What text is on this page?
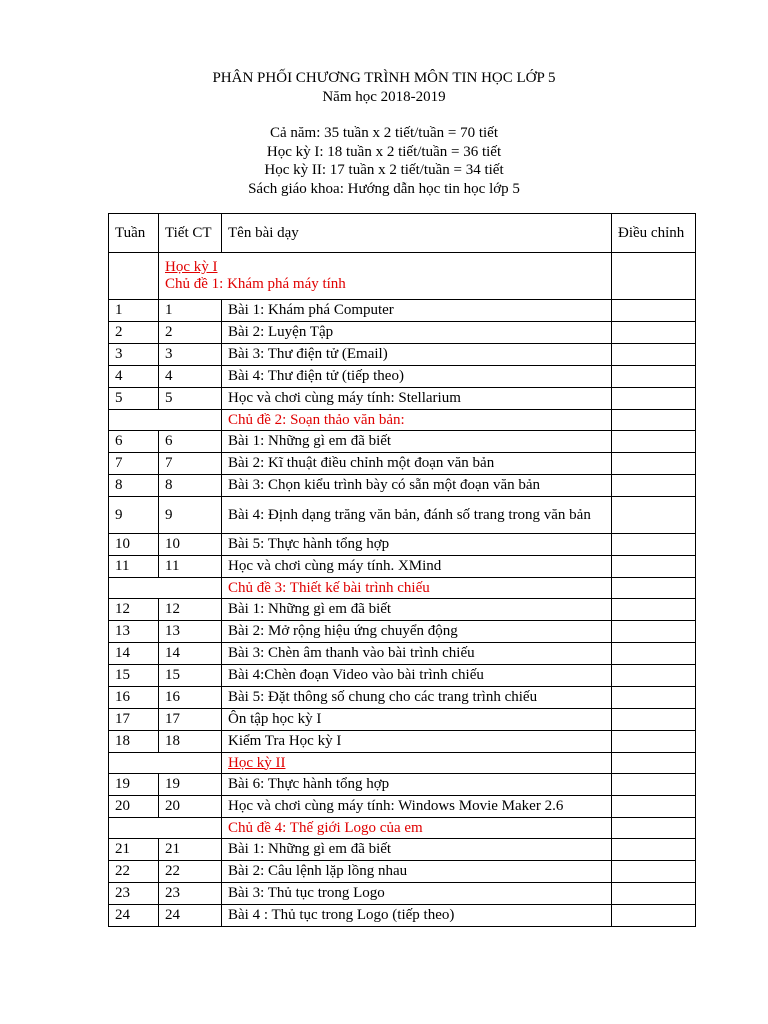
PHÂN PHỐI CHƯƠNG TRÌNH MÔN TIN HỌC LỚP 5
Năm học 2018-2019
Cả năm: 35 tuần x 2 tiết/tuần = 70 tiết
Học kỳ I: 18 tuần x 2 tiết/tuần = 36 tiết
Học kỳ II: 17 tuần x 2 tiết/tuần = 34 tiết
Sách giáo khoa: Hướng dẫn học tin học lớp 5
Tuần	Tiết CT	Tên bài dạy	Điều chỉnh

	Học kỳ I
Chủ đề 1: Khám phá máy tính		

1	1	Bài 1: Khám phá Computer	
2	2	Bài 2: Luyện Tập	
3	3	Bài 3: Thư điện tử (Email)	
4	4	Bài 4: Thư điện tử (tiếp theo)	
5	5	Học và chơi cùng máy tính: Stellarium	
		Chủ đề 2: Soạn thảo văn bản:	
6	6	Bài 1: Những gì em đã biết	
7	7	Bài 2: Kĩ thuật điều chỉnh một đoạn văn bản	
8	8	Bài 3: Chọn kiểu trình bày có sẵn một đoạn văn bản	
9	9	Bài 4: Định dạng trăng văn bản, đánh số trang trong văn bản	
10	10	Bài 5: Thực hành tổng hợp	
11	11	Học và chơi cùng máy tính. XMind	
		Chủ đề 3: Thiết kế bài trình chiếu	
12	12	Bài 1: Những gì em đã biết	
13	13	Bài 2: Mở rộng hiệu ứng chuyển động	
14	14	Bài 3: Chèn âm thanh vào bài trình chiếu	
15	15	Bài 4:Chèn đoạn Video vào bài trình chiếu	
16	16	Bài 5: Đặt thông số chung cho các trang trình chiếu	
17	17	Ôn tập học kỳ I	
18	18	Kiểm Tra Học kỳ I	
		Học kỳ II	
19	19	Bài 6: Thực hành tổng hợp	
20	20	Học và chơi cùng máy tính: Windows Movie Maker 2.6	
		Chủ đề 4: Thế giới Logo của em	
21	21	Bài 1: Những gì em đã biết	
22	22	Bài 2: Câu lệnh lặp lồng nhau	
23	23	Bài 3: Thủ tục trong Logo	
24	24	Bài 4 : Thủ tục trong Logo (tiếp theo)	
